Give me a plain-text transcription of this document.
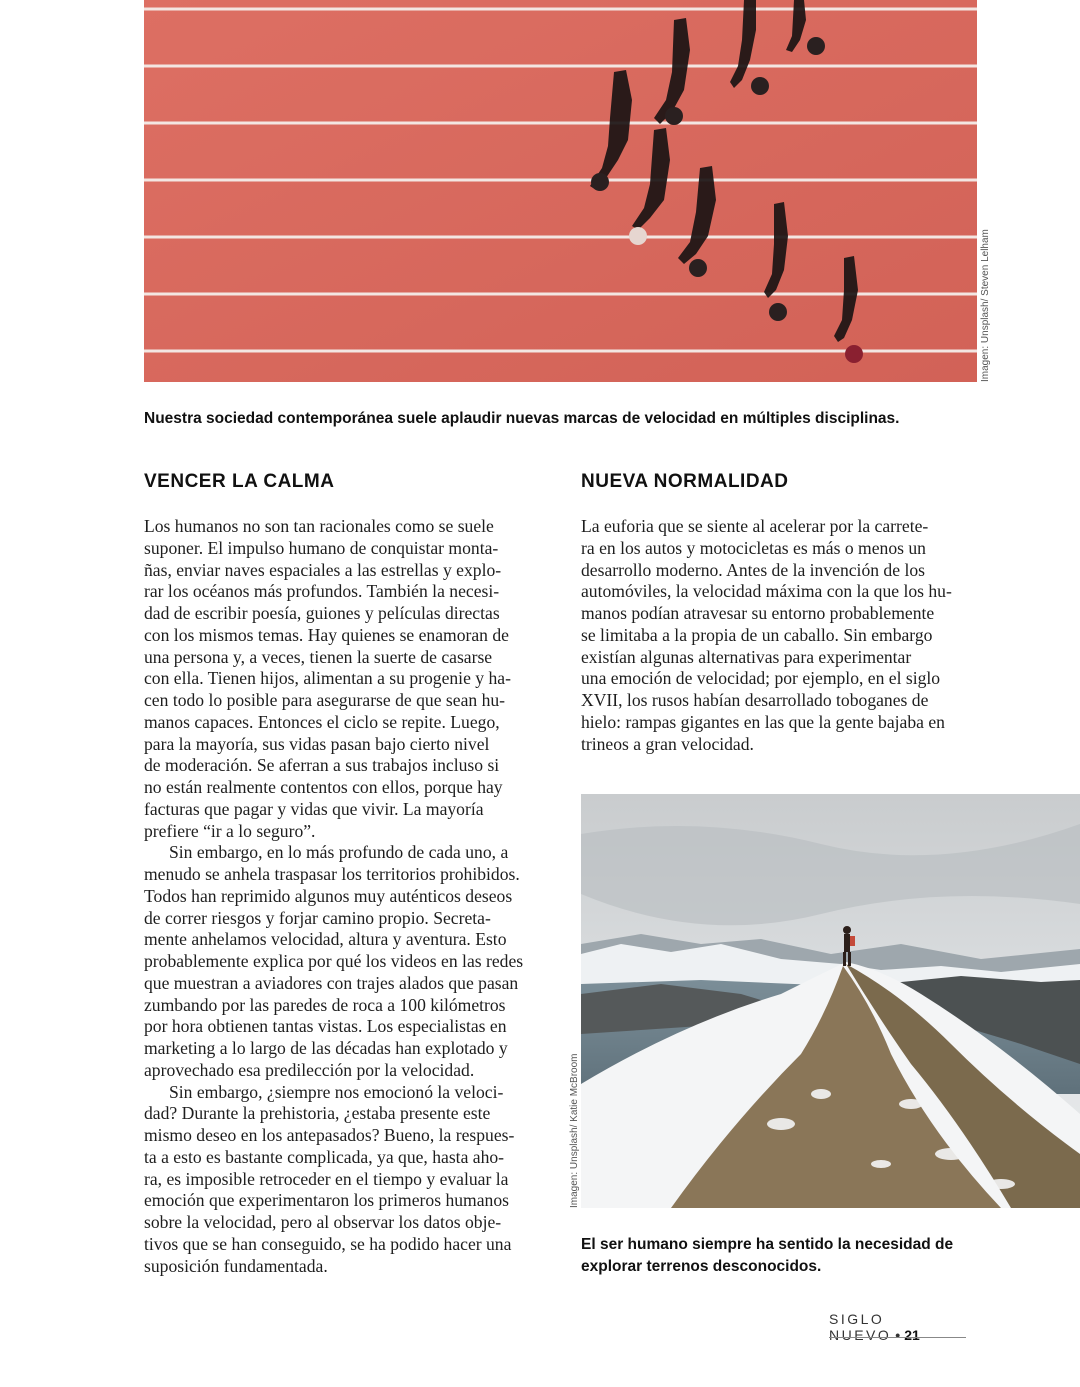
Imagen: Unsplash/ Steven Lelham
Nuestra sociedad contemporánea suele aplaudir nuevas marcas de velocidad en múltiples disciplinas.
VENCER LA CALMA
Los humanos no son tan racionales como se suele
suponer. El impulso humano de conquistar monta-
ñas, enviar naves espaciales a las estrellas y explo-
rar los océanos más profundos. También la necesi-
dad de escribir poesía, guiones y películas directas
con los mismos temas. Hay quienes se enamoran de
una persona y, a veces, tienen la suerte de casarse
con ella. Tienen hijos, alimentan a su progenie y ha-
cen todo lo posible para asegurarse de que sean hu-
manos capaces. Entonces el ciclo se repite. Luego,
para la mayoría, sus vidas pasan bajo cierto nivel
de moderación. Se aferran a sus trabajos incluso si
no están realmente contentos con ellos, porque hay
facturas que pagar y vidas que vivir. La mayoría
prefiere “ir a lo seguro”.
Sin embargo, en lo más profundo de cada uno, a
menudo se anhela traspasar los territorios prohibidos.
Todos han reprimido algunos muy auténticos deseos
de correr riesgos y forjar camino propio. Secreta-
mente anhelamos velocidad, altura y aventura. Esto
probablemente explica por qué los videos en las redes
que muestran a aviadores con trajes alados que pasan
zumbando por las paredes de roca a 100 kilómetros
por hora obtienen tantas vistas. Los especialistas en
marketing a lo largo de las décadas han explotado y
aprovechado esa predilección por la velocidad.
Sin embargo, ¿siempre nos emocionó la veloci-
dad? Durante la prehistoria, ¿estaba presente este
mismo deseo en los antepasados? Bueno, la respues-
ta a esto es bastante complicada, ya que, hasta aho-
ra, es imposible retroceder en el tiempo y evaluar la
emoción que experimentaron los primeros humanos
sobre la velocidad, pero al observar los datos obje-
tivos que se han conseguido, se ha podido hacer una
suposición fundamentada.
NUEVA NORMALIDAD
La euforia que se siente al acelerar por la carrete-
ra en los autos y motocicletas es más o menos un
desarrollo moderno. Antes de la invención de los
automóviles, la velocidad máxima con la que los hu-
manos podían atravesar su entorno probablemente
se limitaba a la propia de un caballo. Sin embargo
existían algunas alternativas para experimentar
una emoción de velocidad; por ejemplo, en el siglo
XVII, los rusos habían desarrollado toboganes de
hielo: rampas gigantes en las que la gente bajaba en
trineos a gran velocidad.
Imagen: Unsplash/ Katie McBroom
El ser humano siempre ha sentido la necesidad de
explorar terrenos desconocidos.
SIGLO NUEVO • 21
